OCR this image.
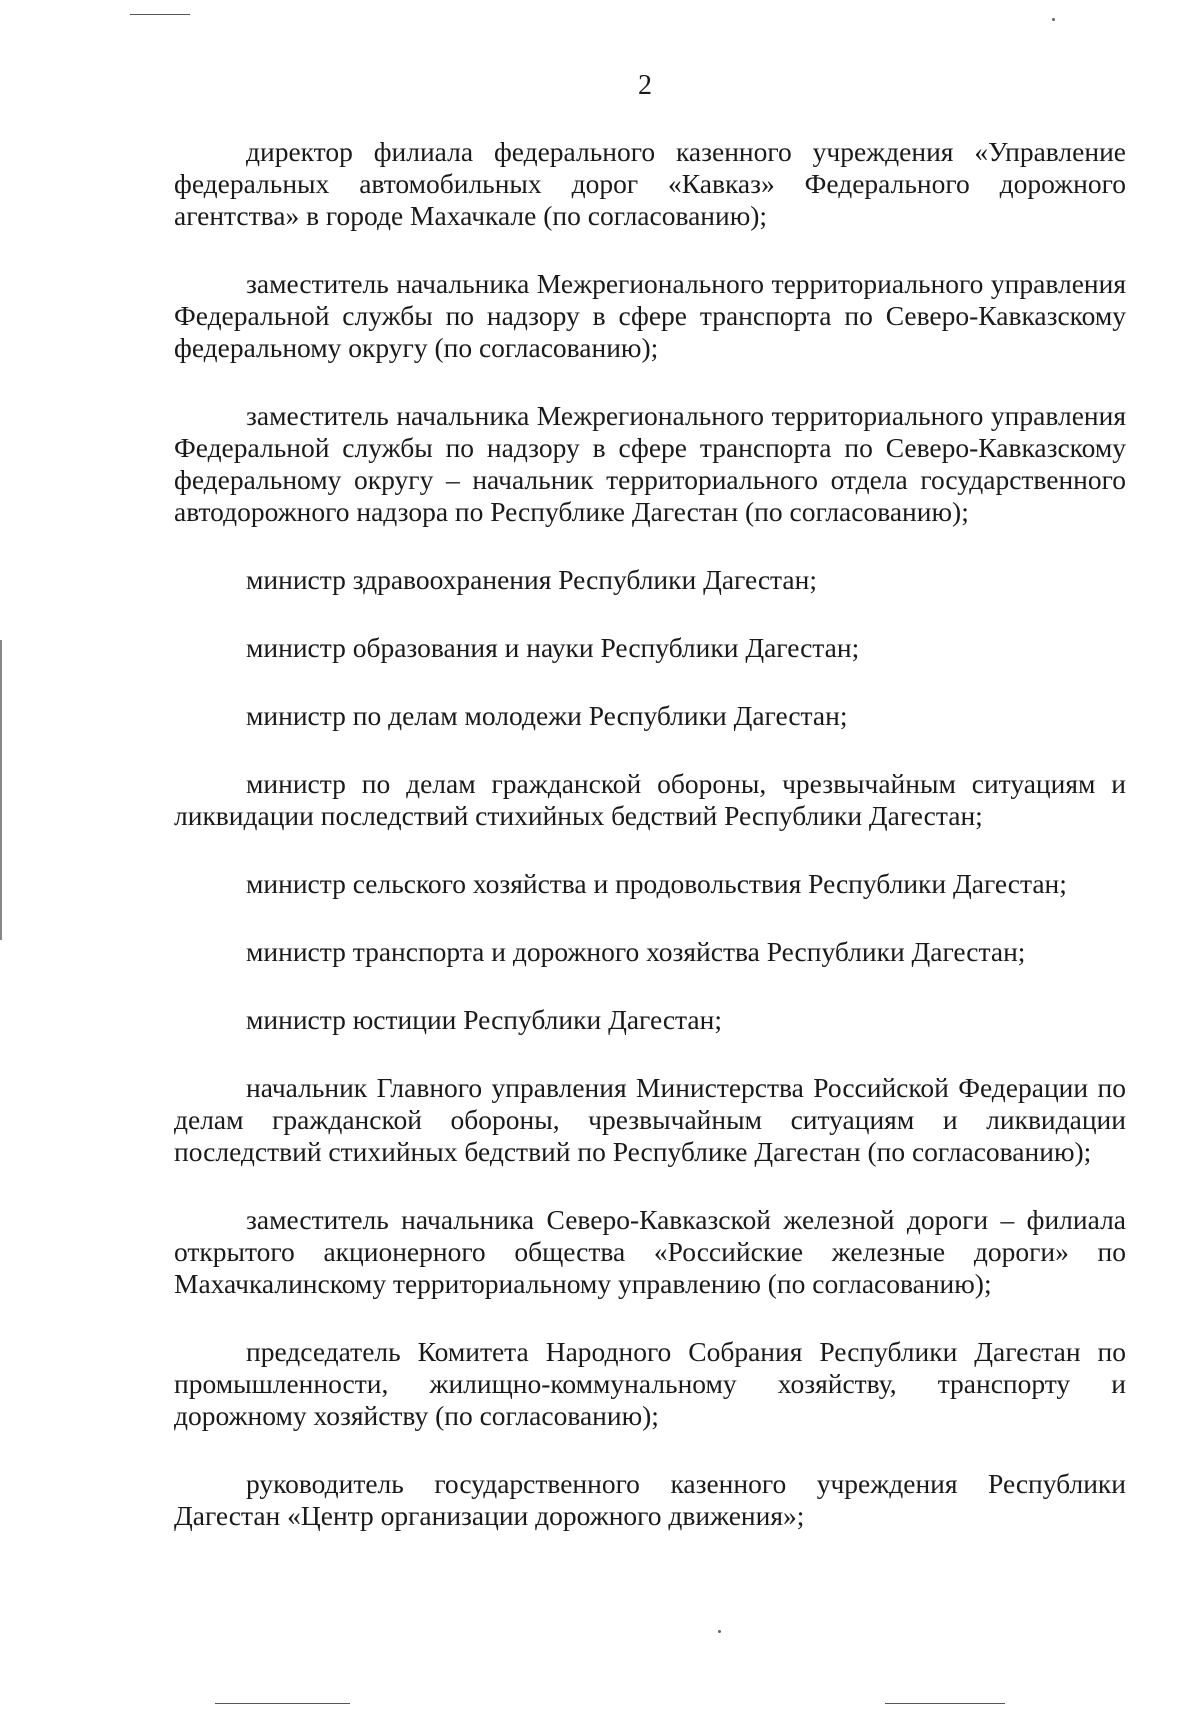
2

директор филиала федерального казенного учреждения «Управление федеральных автомобильных дорог «Кавказ» Федерального дорожного агентства» в городе Махачкале (по согласованию);

заместитель начальника Межрегионального территориального управления Федеральной службы по надзору в сфере транспорта по Северо-Кавказскому федеральному округу (по согласованию);

заместитель начальника Межрегионального территориального управления Федеральной службы по надзору в сфере транспорта по Северо-Кавказскому федеральному округу – начальник территориального отдела государственного автодорожного надзора по Республике Дагестан (по согласованию);

министр здравоохранения Республики Дагестан;

министр образования и науки Республики Дагестан;

министр по делам молодежи Республики Дагестан;

министр по делам гражданской обороны, чрезвычайным ситуациям и ликвидации последствий стихийных бедствий Республики Дагестан;

министр сельского хозяйства и продовольствия Республики Дагестан;

министр транспорта и дорожного хозяйства Республики Дагестан;

министр юстиции Республики Дагестан;

начальник Главного управления Министерства Российской Федерации по делам гражданской обороны, чрезвычайным ситуациям и ликвидации последствий стихийных бедствий по Республике Дагестан (по согласованию);

заместитель начальника Северо-Кавказской железной дороги – филиала открытого акционерного общества «Российские железные дороги» по Махачкалинскому территориальному управлению (по согласованию);

председатель Комитета Народного Собрания Республики Дагестан по промышленности, жилищно-коммунальному хозяйству, транспорту и дорожному хозяйству (по согласованию);

руководитель государственного казенного учреждения Республики Дагестан «Центр организации дорожного движения»;
